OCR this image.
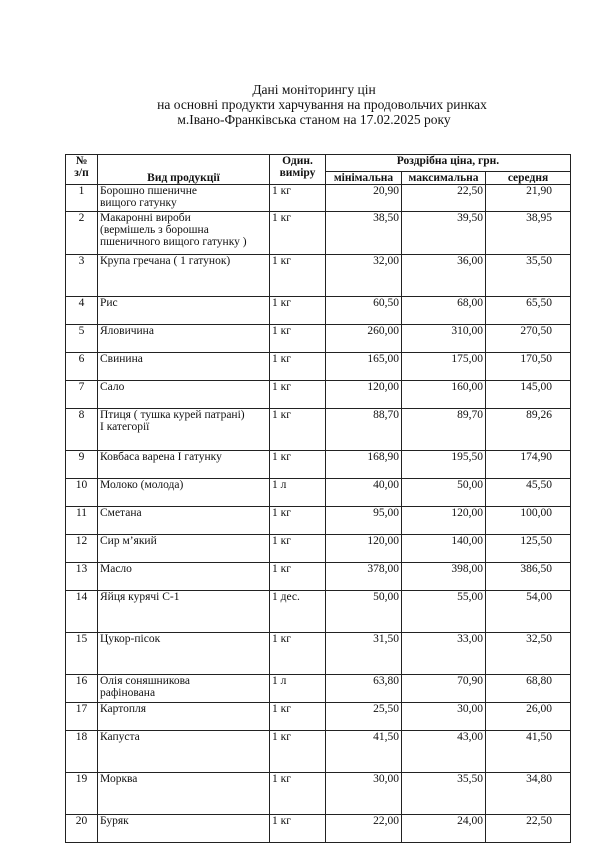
Дані моніторингу цін
на основні продукти харчування на продовольчих ринках
м.Івано-Франківська станом на 17.02.2025 року
№
з/п	Вид продукції	Один.
виміру	Роздрібна ціна, грн.		
			мінімальна	максимальна	середня
1	Борошно пшеничне
вищого гатунку	1 кг	20,90	22,50	21,90
2	Макаронні вироби
(вермішель з борошна
пшеничного вищого гатунку )	1 кг	38,50	39,50	38,95
3	Крупа гречана ( 1 гатунок)	1 кг	32,00	36,00	35,50
4	Рис	1 кг	60,50	68,00	65,50
5	Яловичина	1 кг	260,00	310,00	270,50
6	Свинина	1 кг	165,00	175,00	170,50
7	Сало	1 кг	120,00	160,00	145,00
8	Птиця ( тушка курей патрані)
І категорії	1 кг	88,70	89,70	89,26
9	Ковбаса варена І гатунку	1 кг	168,90	195,50	174,90
10	Молоко (молода)	1 л	40,00	50,00	45,50
11	Сметана	1 кг	95,00	120,00	100,00
12	Сир м’який	1 кг	120,00	140,00	125,50
13	Масло	1 кг	378,00	398,00	386,50
14	Яйця курячі С-1	1 дес.	50,00	55,00	54,00
15	Цукор-пісок	1 кг	31,50	33,00	32,50
16	Олія соняшникова
рафінована	1 л	63,80	70,90	68,80
17	Картопля	1 кг	25,50	30,00	26,00
18	Капуста	1 кг	41,50	43,00	41,50
19	Морква	1 кг	30,00	35,50	34,80
20	Буряк	1 кг	22,00	24,00	22,50
